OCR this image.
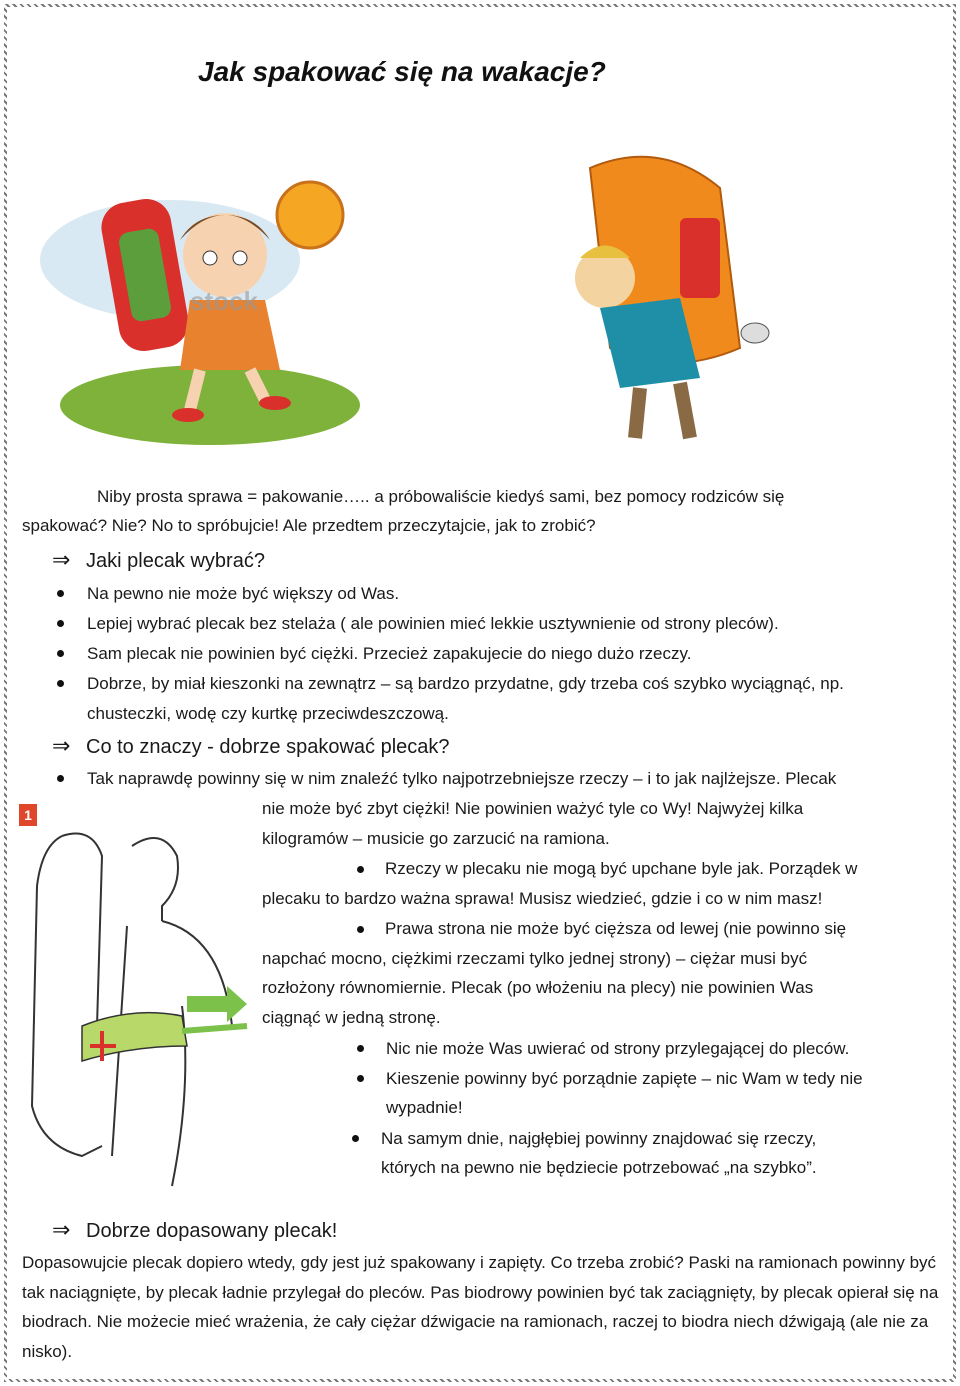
Jak spakować się na wakacje?
stock
Niby prosta sprawa = pakowanie….. a próbowaliście kiedyś sami, bez pomocy rodziców się
spakować? Nie? No to spróbujcie! Ale przedtem przeczytajcie, jak to zrobić?
⇒ Jaki plecak wybrać?
Na pewno nie może być większy od Was.
Lepiej wybrać plecak bez stelaża ( ale powinien mieć lekkie usztywnienie od strony pleców).
Sam plecak nie powinien być ciężki. Przecież zapakujecie do niego dużo rzeczy.
Dobrze, by miał kieszonki na zewnątrz – są bardzo przydatne, gdy trzeba coś szybko wyciągnąć, np.
chusteczki, wodę czy kurtkę przeciwdeszczową.
⇒ Co to znaczy - dobrze spakować plecak?
Tak naprawdę powinny się w nim znaleźć tylko najpotrzebniejsze rzeczy – i to jak najlżejsze. Plecak
nie może być zbyt ciężki! Nie powinien ważyć tyle co Wy! Najwyżej kilka
kilogramów – musicie go zarzucić na ramiona.
1
Rzeczy w plecaku nie mogą być upchane byle jak. Porządek w
plecaku to bardzo ważna sprawa! Musisz wiedzieć, gdzie i co w nim masz!
Prawa strona nie może być cięższa od lewej (nie powinno się
napchać mocno, ciężkimi rzeczami tylko jednej strony) – ciężar musi być
rozłożony równomiernie. Plecak (po włożeniu na plecy) nie powinien Was
ciągnąć w jedną stronę.
Nic nie może Was uwierać od strony przylegającej do pleców.
Kieszenie powinny być porządnie zapięte – nic Wam w tedy nie
wypadnie!
Na samym dnie, najgłębiej powinny znajdować się rzeczy,
których na pewno nie będziecie potrzebować „na szybko”.
⇒ Dobrze dopasowany plecak!
Dopasowujcie plecak dopiero wtedy, gdy jest już spakowany i zapięty. Co trzeba zrobić? Paski na ramionach powinny być tak naciągnięte, by plecak ładnie przylegał do pleców. Pas biodrowy powinien być tak zaciągnięty, by plecak opierał się na biodrach. Nie możecie mieć wrażenia, że cały ciężar dźwigacie na ramionach, raczej to biodra niech dźwigają (ale nie za nisko).
